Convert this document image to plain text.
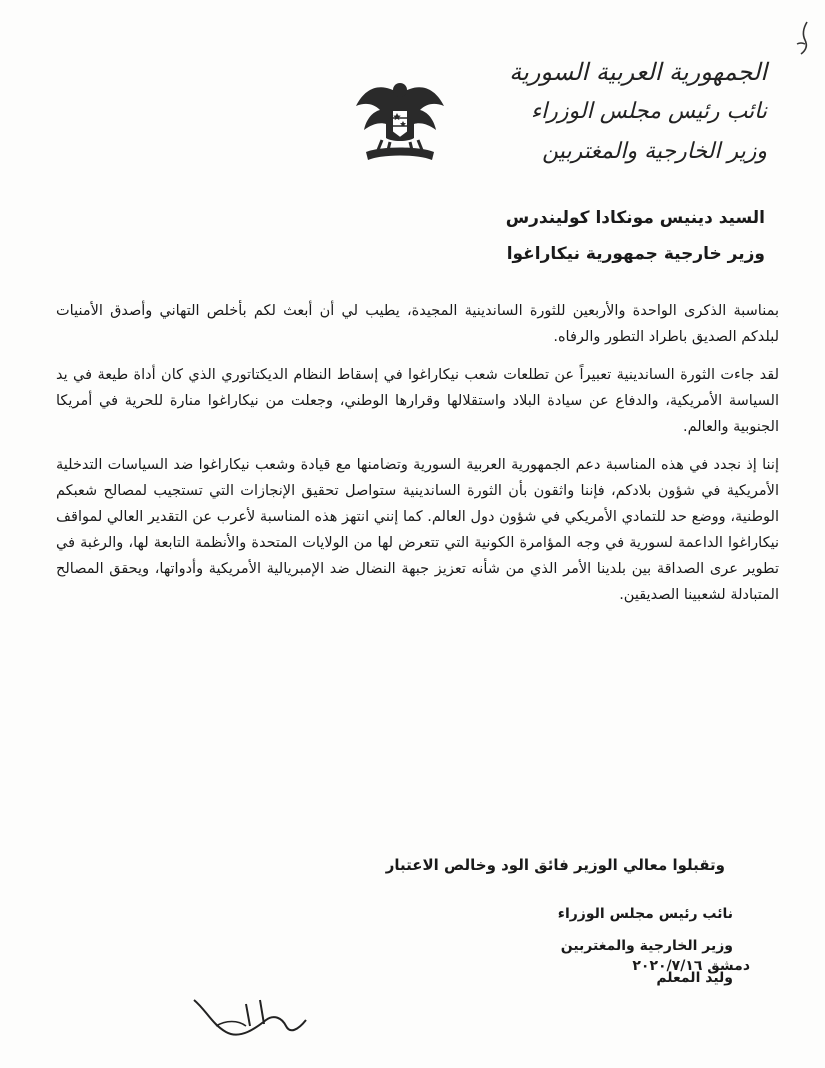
الجمهورية العربية السورية
نائب رئيس مجلس الوزراء
وزير الخارجية والمغتربين
السيد دينيس مونكادا كوليندرس
وزير خارجية جمهورية نيكاراغوا
بمناسبة الذكرى الواحدة والأربعين للثورة الساندينية المجيدة، يطيب لي أن أبعث لكم بأخلص التهاني وأصدق الأمنيات لبلدكم الصديق باطراد التطور والرفاه.
لقد جاءت الثورة الساندينية تعبيراً عن تطلعات شعب نيكاراغوا في إسقاط النظام الديكتاتوري الذي كان أداة طيعة في يد السياسة الأمريكية، والدفاع عن سيادة البلاد واستقلالها وقرارها الوطني، وجعلت من نيكاراغوا منارة للحرية في أمريكا الجنوبية والعالم.
إننا إذ نجدد في هذه المناسبة دعم الجمهورية العربية السورية وتضامنها مع قيادة وشعب نيكاراغوا ضد السياسات التدخلية الأمريكية في شؤون بلادكم، فإننا واثقون بأن الثورة الساندينية ستواصل تحقيق الإنجازات التي تستجيب لمصالح شعبكم الوطنية، ووضع حد للتمادي الأمريكي في شؤون دول العالم. كما إنني انتهز هذه المناسبة لأعرب عن التقدير العالي لمواقف نيكاراغوا الداعمة لسورية في وجه المؤامرة الكونية التي تتعرض لها من الولايات المتحدة والأنظمة التابعة لها، والرغبة في تطوير عرى الصداقة بين بلدينا الأمر الذي من شأنه تعزيز جبهة النضال ضد الإمبريالية الأمريكية وأدواتها، ويحقق المصالح المتبادلة لشعبينا الصديقين.
وتقبلوا معالي الوزير فائق الود وخالص الاعتبار
نائب رئيس مجلس الوزراء
وزير الخارجية والمغتربين
وليد المعلم
دمشق ٢٠٢٠/٧/١٦
